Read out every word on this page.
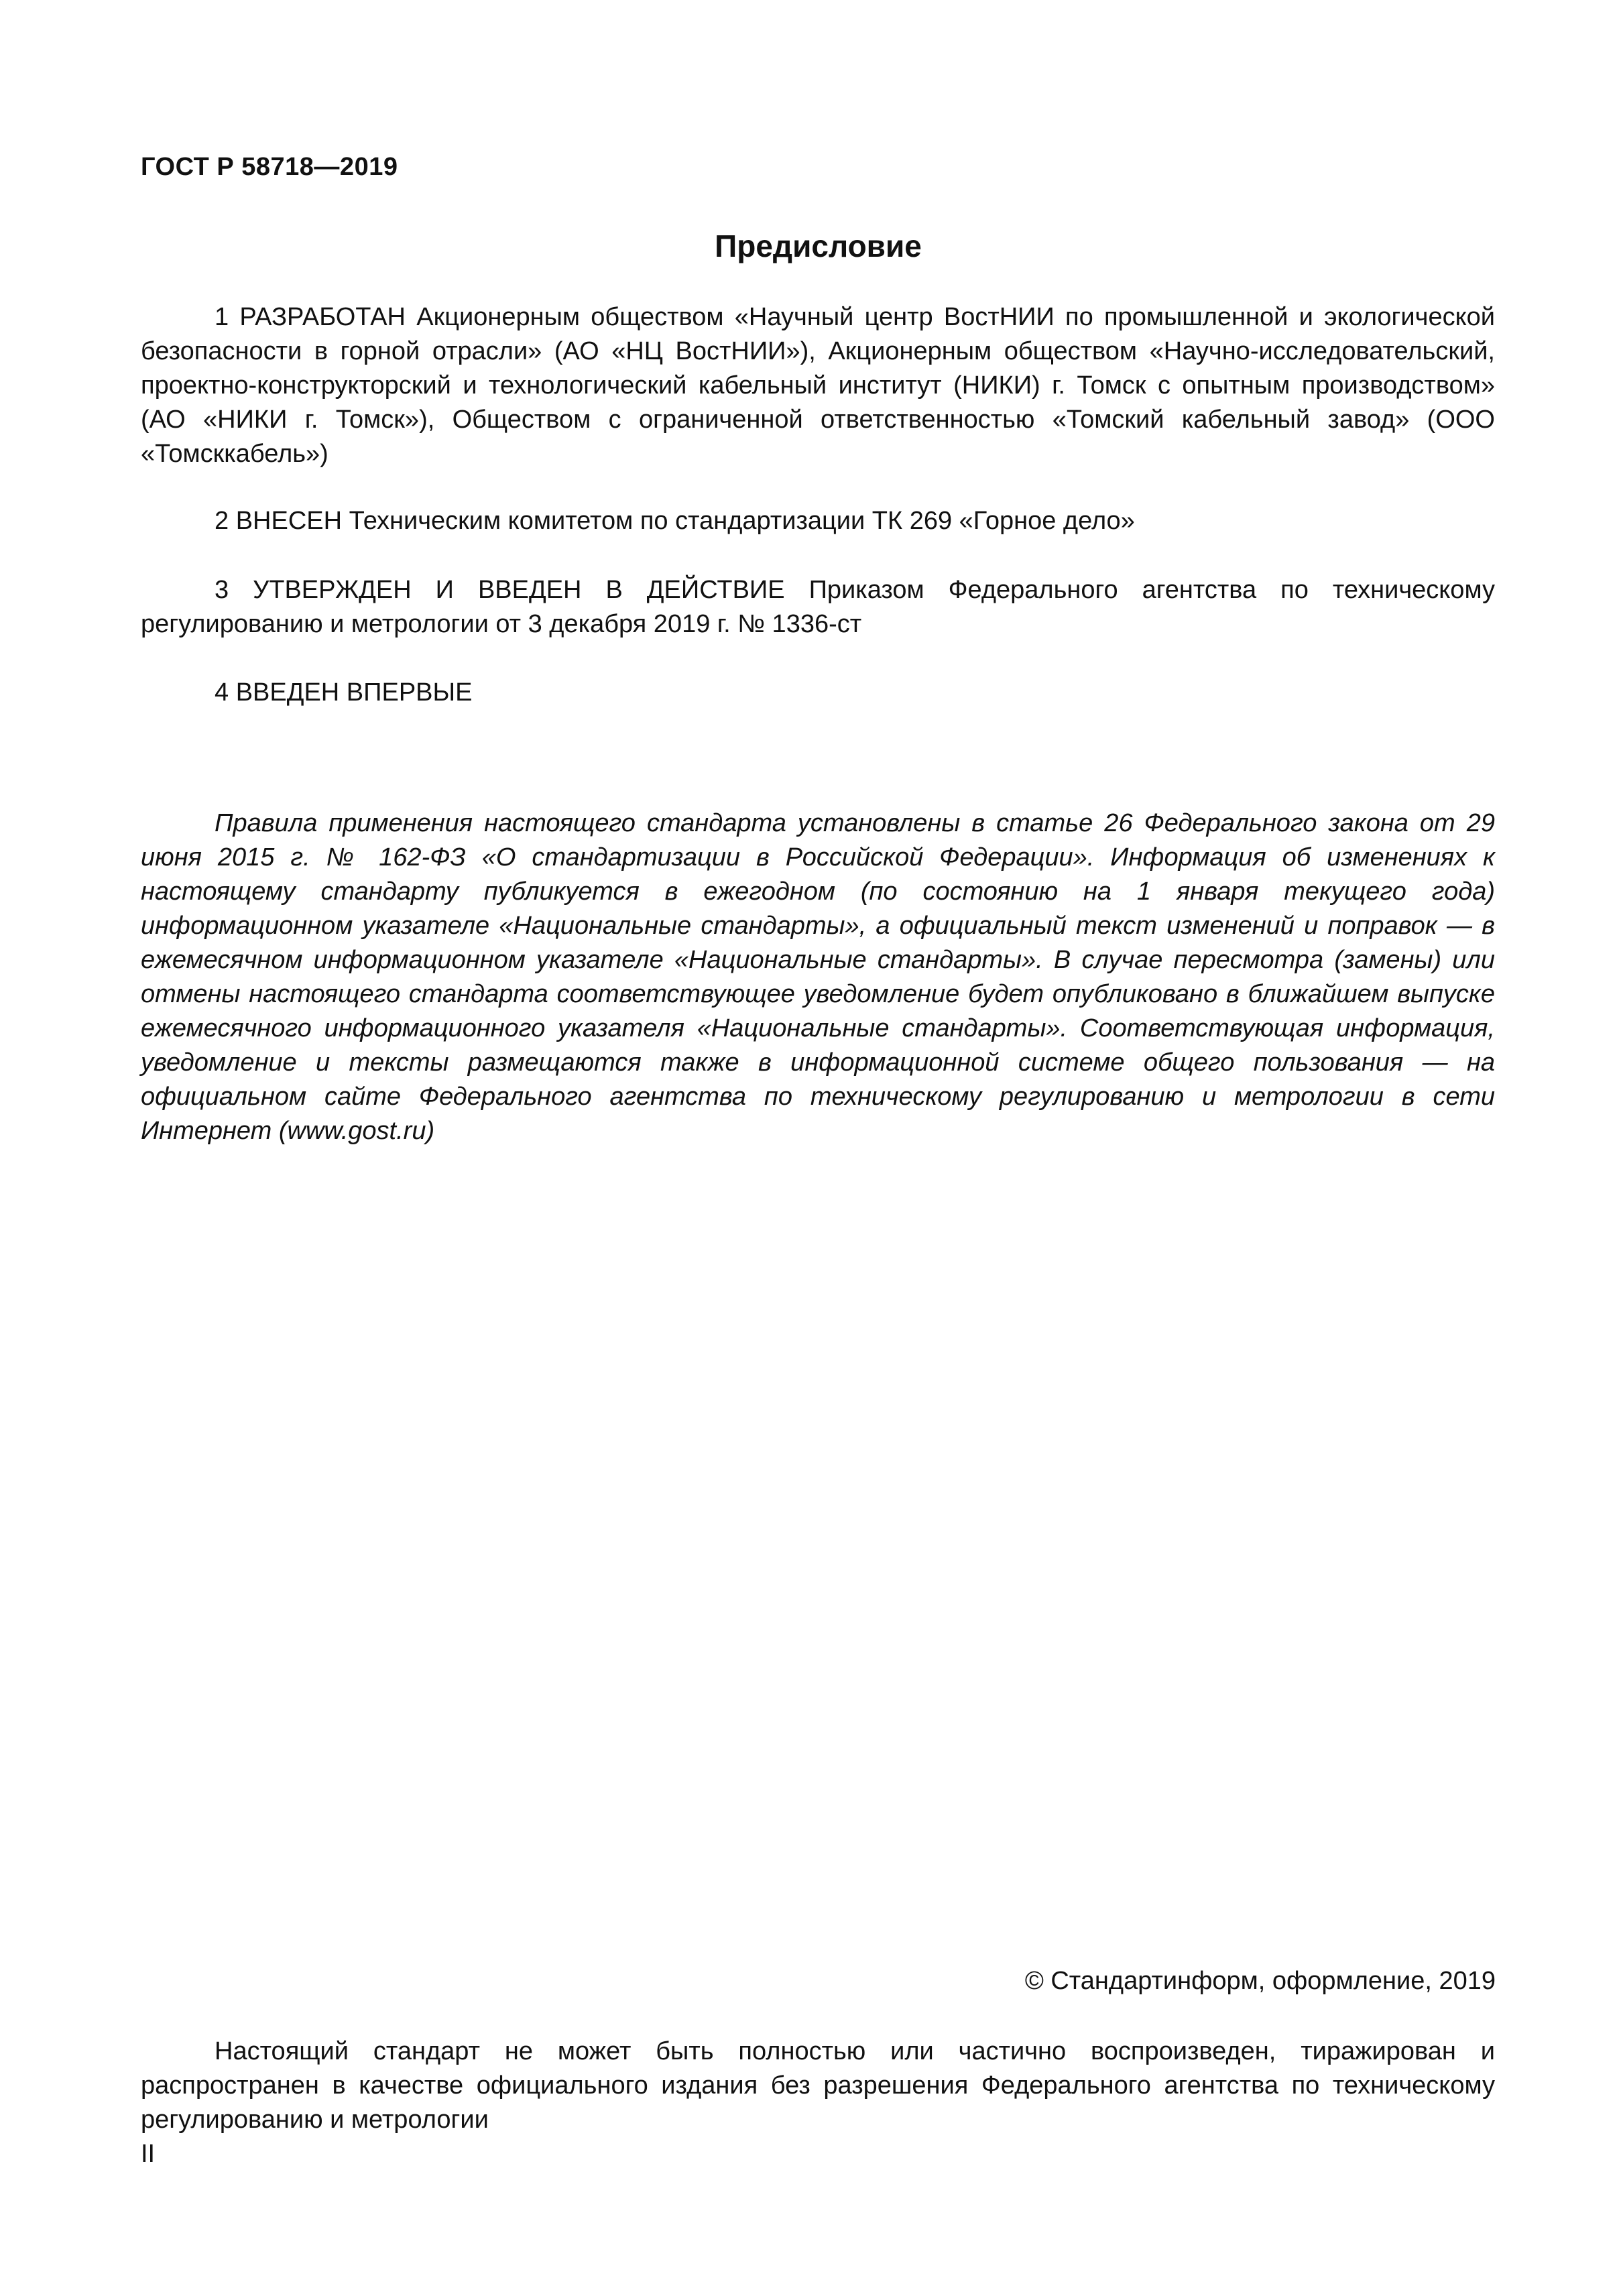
ГОСТ Р 58718—2019
Предисловие

1 РАЗРАБОТАН Акционерным обществом «Научный центр ВостНИИ по промышленной и экологической безопасности в горной отрасли» (АО «НЦ ВостНИИ»), Акционерным обществом «Научно-исследовательский, проектно-конструкторский и технологический кабельный институт (НИКИ) г. Томск с опытным производством» (АО «НИКИ г. Томск»), Обществом с ограниченной ответственностью «Томский кабельный завод» (ООО «Томсккабель»)

2 ВНЕСЕН Техническим комитетом по стандартизации ТК 269 «Горное дело»

3 УТВЕРЖДЕН И ВВЕДЕН В ДЕЙСТВИЕ Приказом Федерального агентства по техническому регулированию и метрологии от 3 декабря 2019 г. № 1336-ст

4 ВВЕДЕН ВПЕРВЫЕ

Правила применения настоящего стандарта установлены в статье 26 Федерального закона от 29 июня 2015 г. № 162-ФЗ «О стандартизации в Российской Федерации». Информация об изменениях к настоящему стандарту публикуется в ежегодном (по состоянию на 1 января текущего года) информационном указателе «Национальные стандарты», а официальный текст изменений и поправок — в ежемесячном информационном указателе «Национальные стандарты». В случае пересмотра (замены) или отмены настоящего стандарта соответствующее уведомление будет опубликовано в ближайшем выпуске ежемесячного информационного указателя «Национальные стандарты». Соответствующая информация, уведомление и тексты размещаются также в информационной системе общего пользования — на официальном сайте Федерального агентства по техническому регулированию и метрологии в сети Интернет (www.gost.ru)

© Стандартинформ, оформление, 2019

Настоящий стандарт не может быть полностью или частично воспроизведен, тиражирован и распространен в качестве официального издания без разрешения Федерального агентства по техническому регулированию и метрологии

II
